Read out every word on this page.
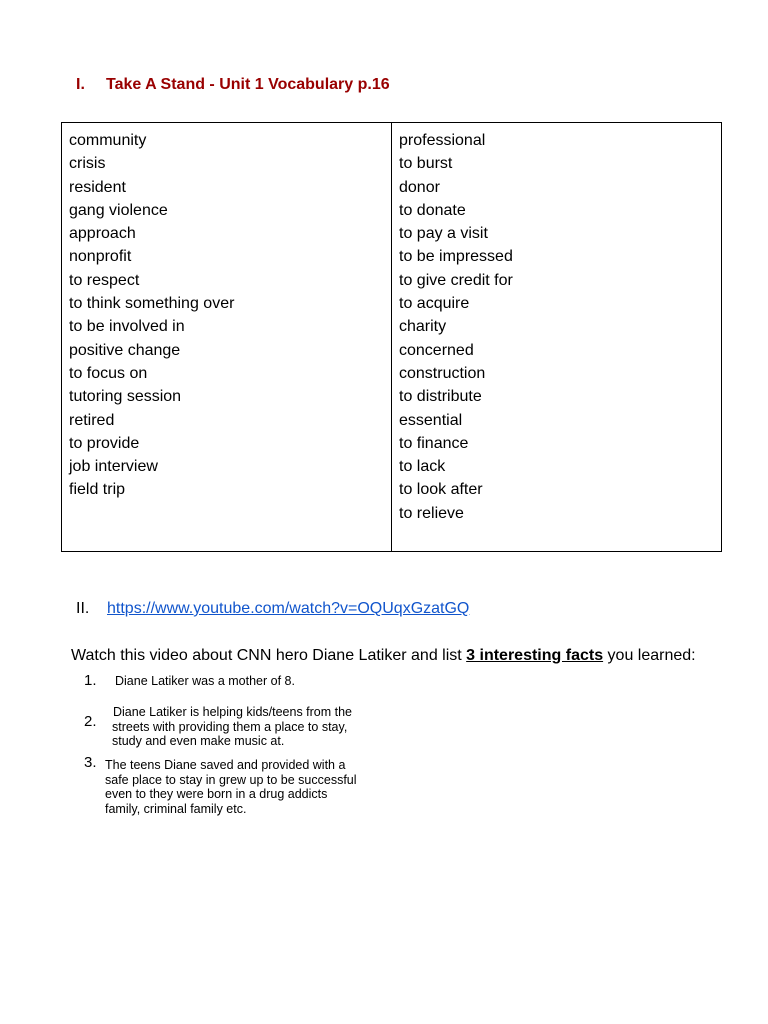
I. Take A Stand - Unit 1 Vocabulary p.16
community
crisis
resident
gang violence
approach
nonprofit
to respect
to think something over
to be involved in
positive change
to focus on
tutoring session
retired
to provide
job interview
field trip
professional
to burst
donor
to donate
to pay a visit
to be impressed
to give credit for
to acquire
charity
concerned
construction
to distribute
essential
to finance
to lack
to look after
to relieve
II. https://www.youtube.com/watch?v=OQUqxGzatGQ
Watch this video about CNN hero Diane Latiker and list 3 interesting facts you learned:
1. Diane Latiker was a mother of 8.
2.
Diane Latiker is helping kids/teens from the
streets with providing them a place to stay,
study and even make music at.
3. The teens Diane saved and provided with a
safe place to stay in grew up to be successful
even to they were born in a drug addicts
family, criminal family etc.
